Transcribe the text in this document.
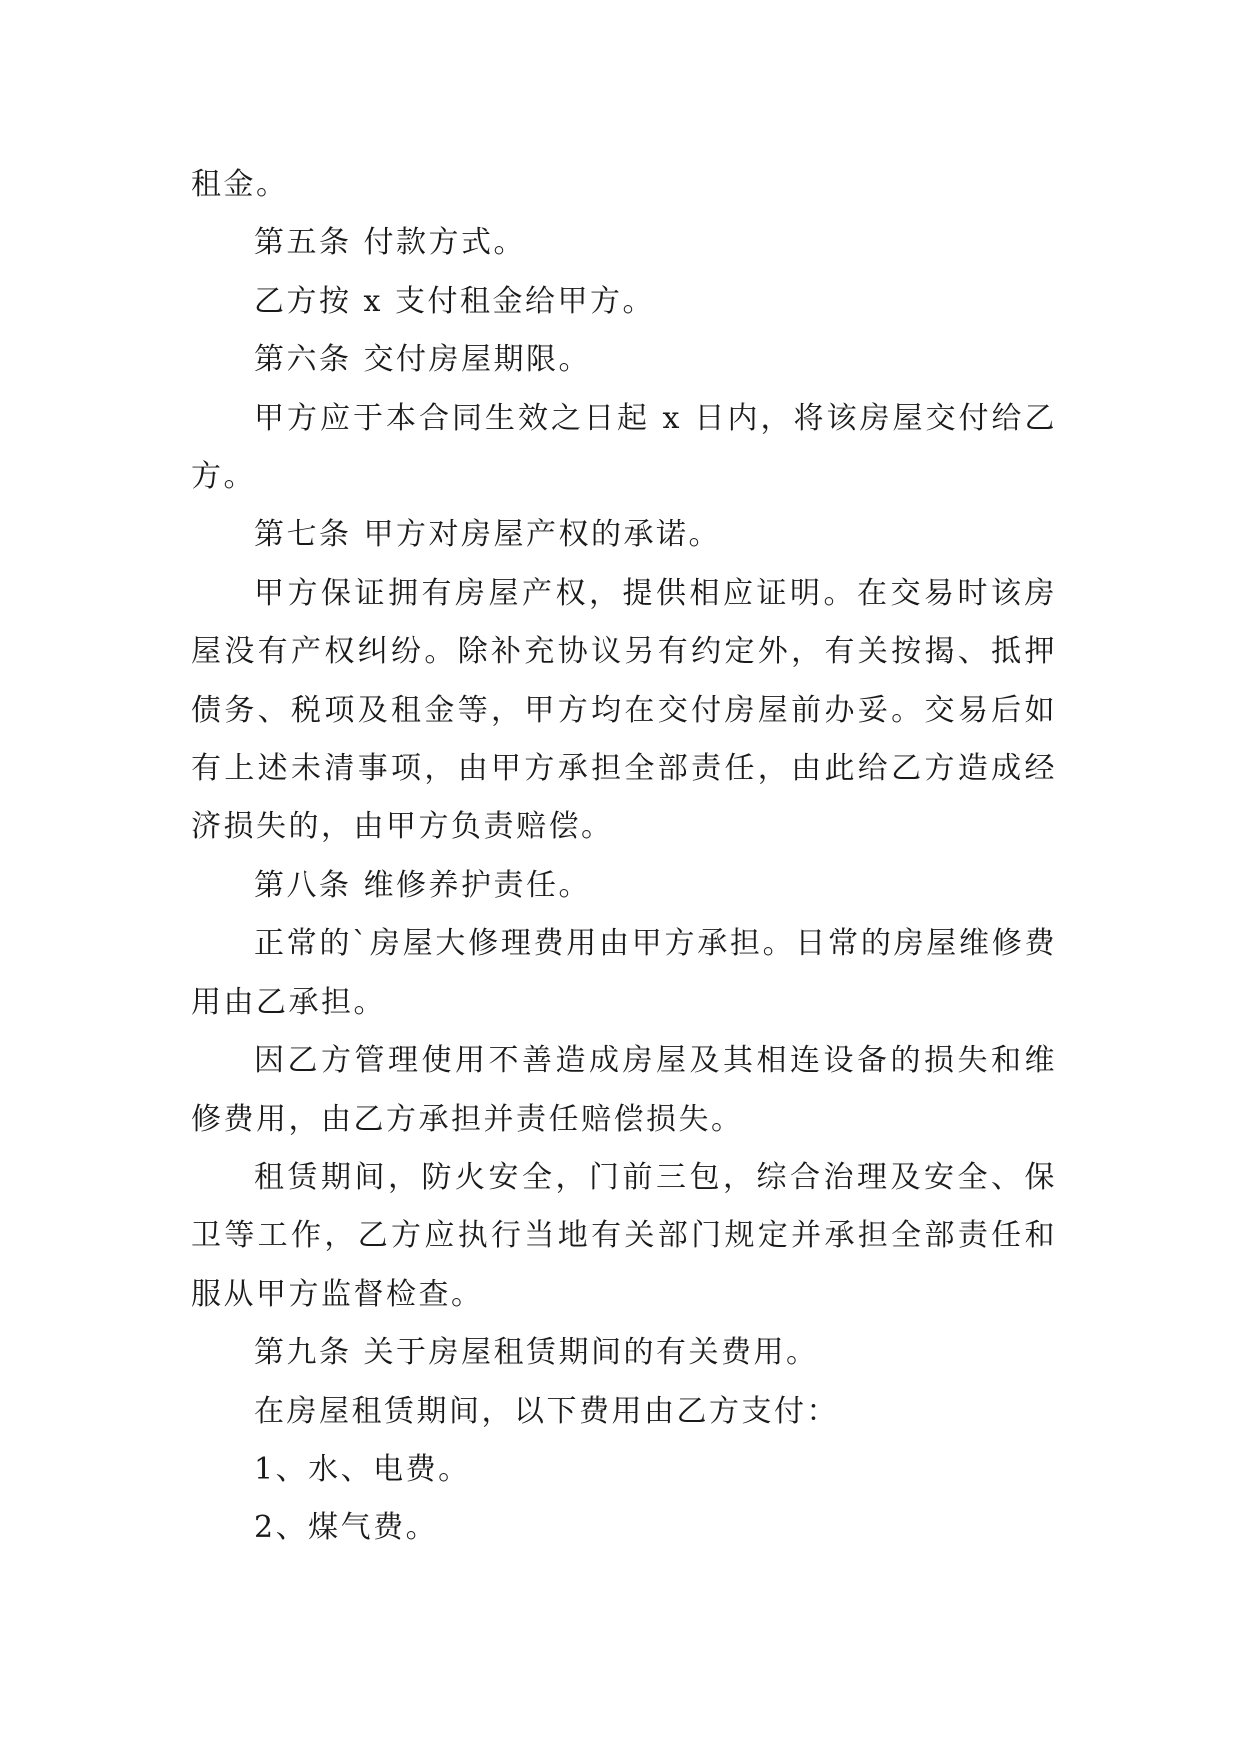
租金。

第五条 付款方式。

乙方按 x 支付租金给甲方。

第六条 交付房屋期限。

甲方应于本合同生效之日起 x 日内，将该房屋交付给乙方。

第七条 甲方对房屋产权的承诺。

甲方保证拥有房屋产权，提供相应证明。在交易时该房屋没有产权纠纷。除补充协议另有约定外，有关按揭、抵押债务、税项及租金等，甲方均在交付房屋前办妥。交易后如有上述未清事项，由甲方承担全部责任，由此给乙方造成经济损失的，由甲方负责赔偿。

第八条 维修养护责任。

正常的`房屋大修理费用由甲方承担。日常的房屋维修费用由乙承担。

因乙方管理使用不善造成房屋及其相连设备的损失和维修费用，由乙方承担并责任赔偿损失。

租赁期间，防火安全，门前三包，综合治理及安全、保卫等工作，乙方应执行当地有关部门规定并承担全部责任和服从甲方监督检查。

第九条 关于房屋租赁期间的有关费用。

在房屋租赁期间，以下费用由乙方支付：

1、水、电费。

2、煤气费。
